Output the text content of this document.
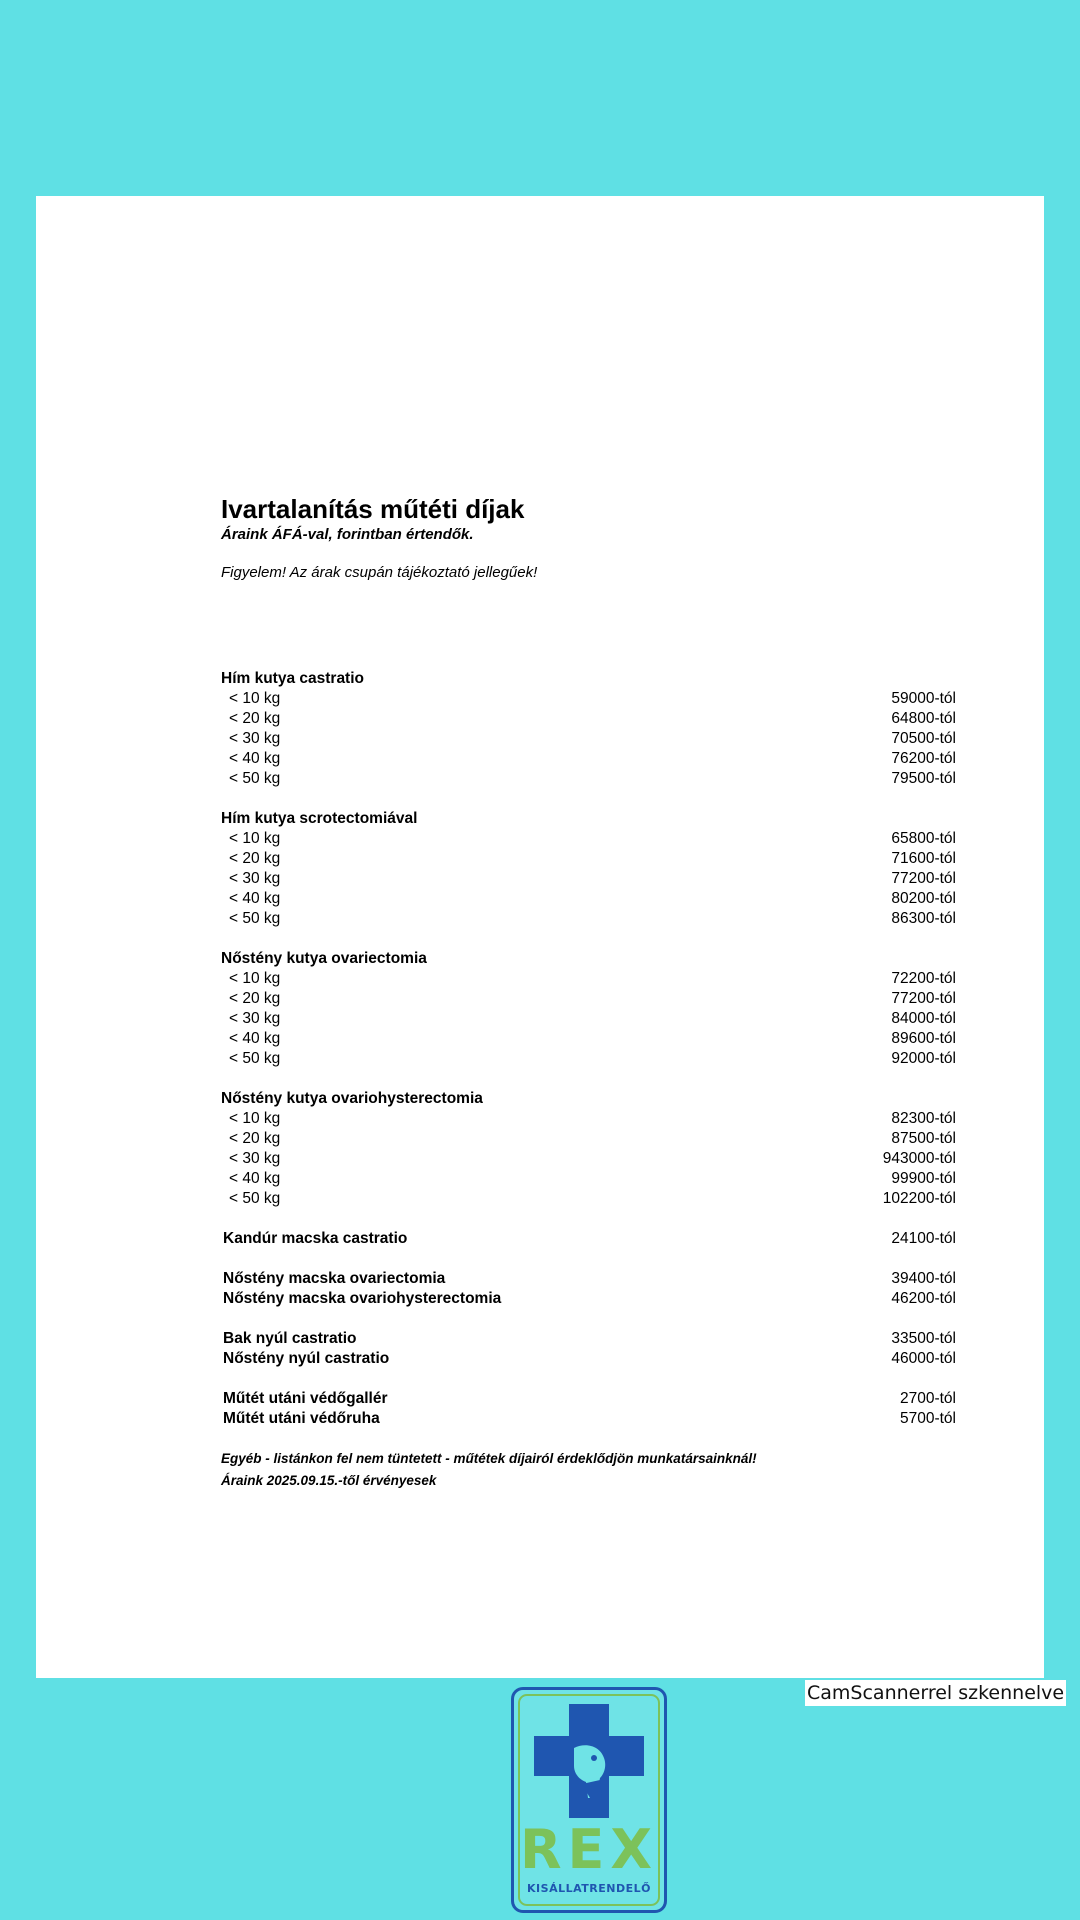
Ivartalanítás műtéti díjak
Áraink ÁFÁ-val, forintban értendők.
Figyelem! Az árak csupán tájékoztató jellegűek!
Hím kutya castratio
< 10 kg	59000-tól
< 20 kg	64800-tól
< 30 kg	70500-tól
< 40 kg	76200-tól
< 50 kg	79500-tól
Hím kutya scrotectomiával
< 10 kg	65800-tól
< 20 kg	71600-tól
< 30 kg	77200-tól
< 40 kg	80200-tól
< 50 kg	86300-tól
Nőstény kutya ovariectomia
< 10 kg	72200-tól
< 20 kg	77200-tól
< 30 kg	84000-tól
< 40 kg	89600-tól
< 50 kg	92000-tól
Nőstény kutya ovariohysterectomia
< 10 kg	82300-tól
< 20 kg	87500-tól
< 30 kg	943000-tól
< 40 kg	99900-tól
< 50 kg	102200-tól
Kandúr macska castratio	24100-tól
Nőstény macska ovariectomia	39400-tól
Nőstény macska ovariohysterectomia	46200-tól
Bak nyúl castratio	33500-tól
Nőstény nyúl castratio	46000-tól
Műtét utáni védőgallér	2700-tól
Műtét utáni védőruha	5700-tól
Egyéb - listánkon fel nem tüntetett - műtétek díjairól érdeklődjön munkatársainknál!
Áraink 2025.09.15.-től érvényesek
CamScannerrel szkennelve
REX
KISÁLLATRENDELŐ
